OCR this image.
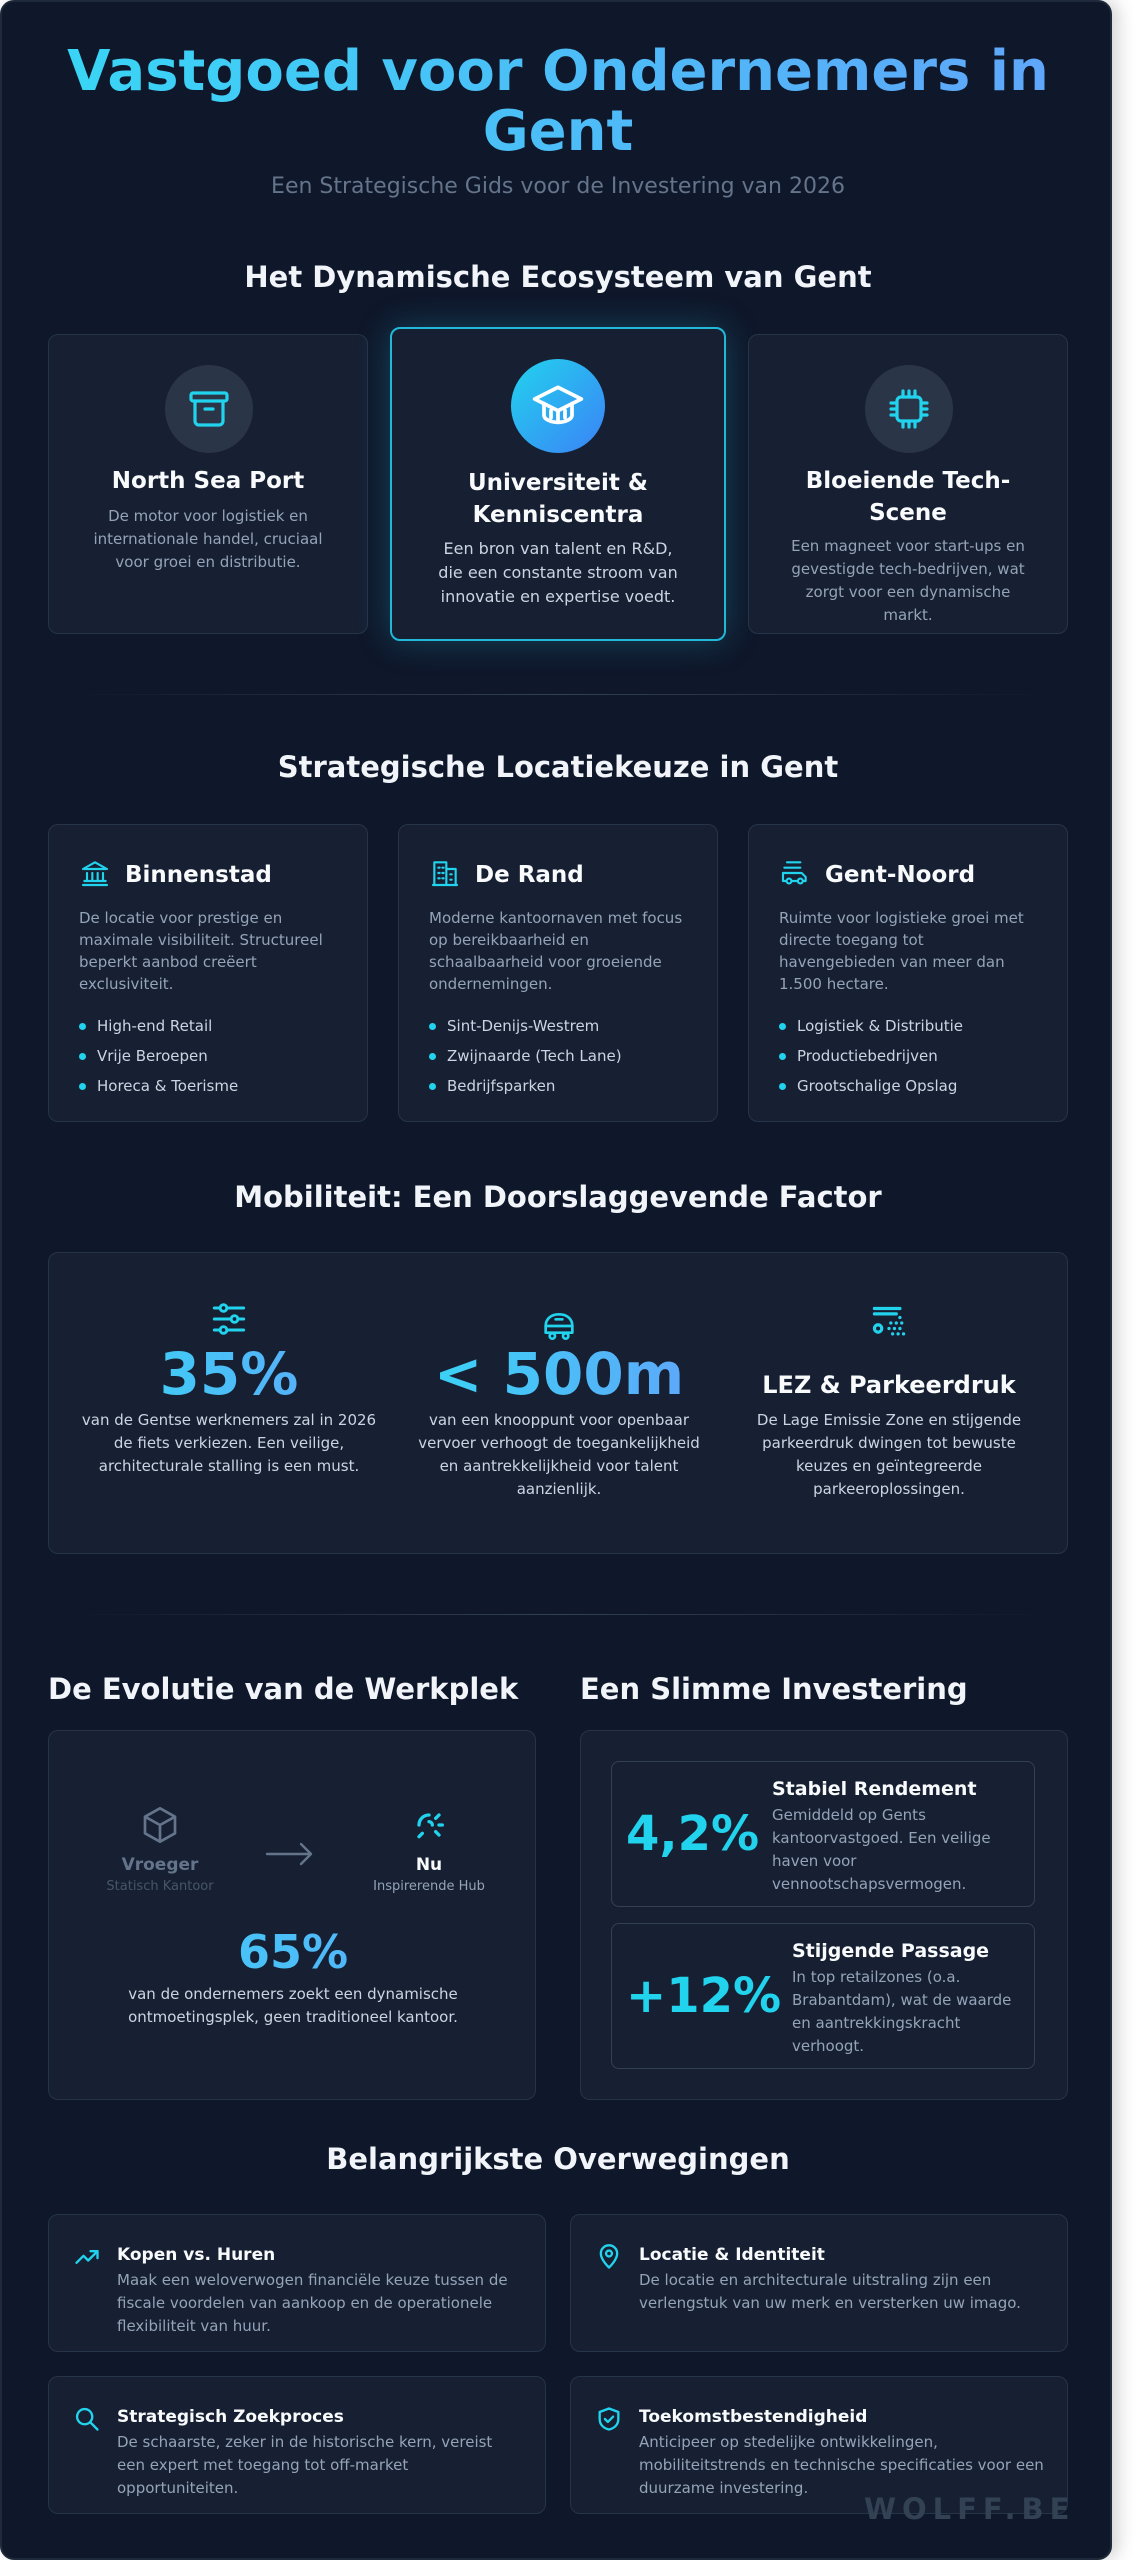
Vastgoed voor Ondernemers in Gent
Een Strategische Gids voor de Investering van 2026
Het Dynamische Ecosysteem van Gent
North Sea Port
De motor voor logistiek en internationale handel, cruciaal voor groei en distributie.
Universiteit & Kenniscentra
Een bron van talent en R&D, die een constante stroom van innovatie en expertise voedt.
Bloeiende Tech-Scene
Een magneet voor start-ups en gevestigde tech-bedrijven, wat zorgt voor een dynamische markt.
Strategische Locatiekeuze in Gent
Binnenstad
De locatie voor prestige en maximale visibiliteit. Structureel beperkt aanbod creëert exclusiviteit.
High-end Retail
Vrije Beroepen
Horeca & Toerisme
De Rand
Moderne kantoornaven met focus op bereikbaarheid en schaalbaarheid voor groeiende ondernemingen.
Sint-Denijs-Westrem
Zwijnaarde (Tech Lane)
Bedrijfsparken
Gent-Noord
Ruimte voor logistieke groei met directe toegang tot havengebieden van meer dan 1.500 hectare.
Logistiek & Distributie
Productiebedrijven
Grootschalige Opslag
Mobiliteit: Een Doorslaggevende Factor
35%
van de Gentse werknemers zal in 2026 de fiets verkiezen. Een veilige, architecturale stalling is een must.
< 500m
van een knooppunt voor openbaar vervoer verhoogt de toegankelijkheid en aantrekkelijkheid voor talent aanzienlijk.
LEZ & Parkeerdruk
De Lage Emissie Zone en stijgende parkeerdruk dwingen tot bewuste keuzes en geïntegreerde parkeeroplossingen.
De Evolutie van de Werkplek
Vroeger
Statisch Kantoor
Nu
Inspirerende Hub
65%
van de ondernemers zoekt een dynamische ontmoetingsplek, geen traditioneel kantoor.
Een Slimme Investering
4,2%
Stabiel Rendement
Gemiddeld op Gents kantoorvastgoed. Een veilige haven voor vennootschapsvermogen.
+12%
Stijgende Passage
In top retailzones (o.a. Brabantdam), wat de waarde en aantrekkingskracht verhoogt.
Belangrijkste Overwegingen
Kopen vs. Huren
Maak een weloverwogen financiële keuze tussen de fiscale voordelen van aankoop en de operationele flexibiliteit van huur.
Locatie & Identiteit
De locatie en architecturale uitstraling zijn een verlengstuk van uw merk en versterken uw imago.
Strategisch Zoekproces
De schaarste, zeker in de historische kern, vereist een expert met toegang tot off-market opportuniteiten.
Toekomstbestendigheid
Anticipeer op stedelijke ontwikkelingen, mobiliteitstrends en technische specificaties voor een duurzame investering.
WOLFF.BE
